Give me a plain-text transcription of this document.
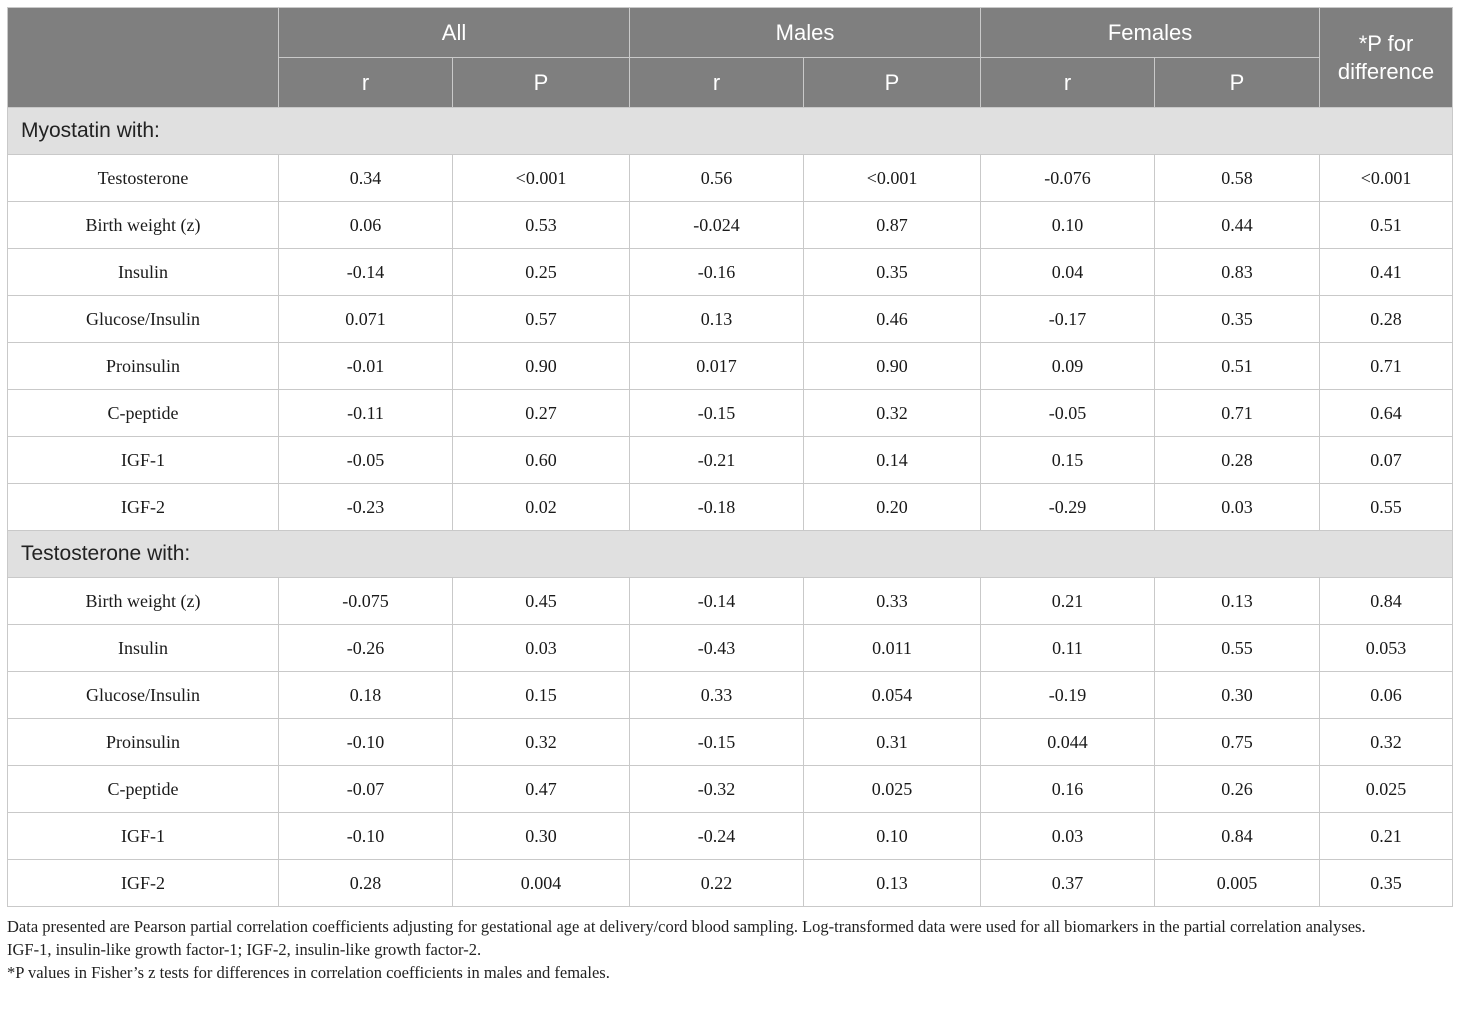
	All		Males		Females		*P for
difference
	r	P	r	P	r	P	
Myostatin with:							
Testosterone	0.34	<0.001	0.56	<0.001	-0.076	0.58	<0.001
Birth weight (z)	0.06	0.53	-0.024	0.87	0.10	0.44	0.51
Insulin	-0.14	0.25	-0.16	0.35	0.04	0.83	0.41
Glucose/Insulin	0.071	0.57	0.13	0.46	-0.17	0.35	0.28
Proinsulin	-0.01	0.90	0.017	0.90	0.09	0.51	0.71
C-peptide	-0.11	0.27	-0.15	0.32	-0.05	0.71	0.64
IGF-1	-0.05	0.60	-0.21	0.14	0.15	0.28	0.07
IGF-2	-0.23	0.02	-0.18	0.20	-0.29	0.03	0.55
Testosterone with:							
Birth weight (z)	-0.075	0.45	-0.14	0.33	0.21	0.13	0.84
Insulin	-0.26	0.03	-0.43	0.011	0.11	0.55	0.053
Glucose/Insulin	0.18	0.15	0.33	0.054	-0.19	0.30	0.06
Proinsulin	-0.10	0.32	-0.15	0.31	0.044	0.75	0.32
C-peptide	-0.07	0.47	-0.32	0.025	0.16	0.26	0.025
IGF-1	-0.10	0.30	-0.24	0.10	0.03	0.84	0.21
IGF-2	0.28	0.004	0.22	0.13	0.37	0.005	0.35

Data presented are Pearson partial correlation coefficients adjusting for gestational age at delivery/cord blood sampling. Log-transformed data were used for all biomarkers in the partial correlation analyses.

IGF-1, insulin-like growth factor-1; IGF-2, insulin-like growth factor-2.

*P values in Fisher’s z tests for differences in correlation coefficients in males and females.
